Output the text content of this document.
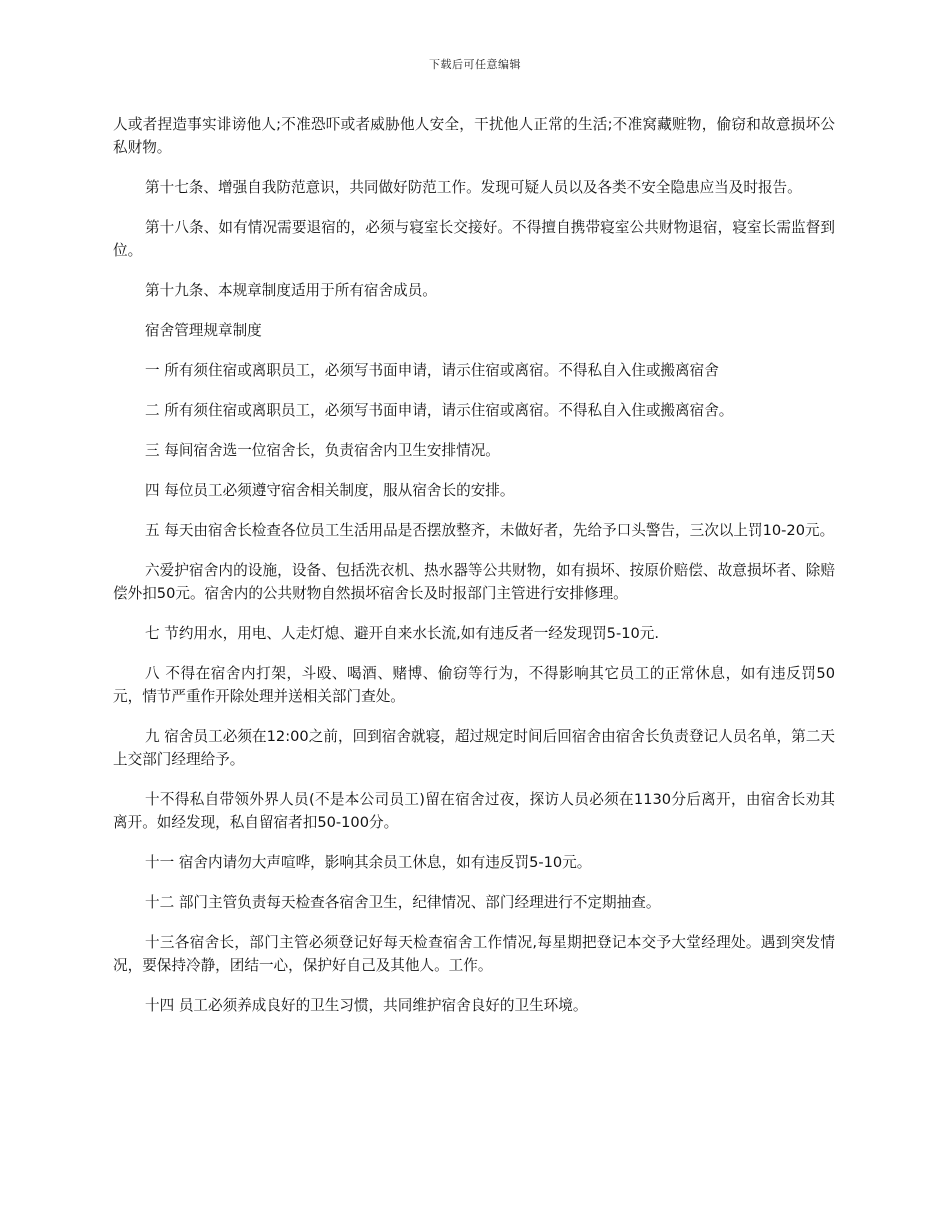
下载后可任意编辑

人或者捏造事实诽谤他人;不准恐吓或者威胁他人安全，干扰他人正常的生活;不准窝藏赃物，偷窃和故意损坏公私财物。

第十七条、增强自我防范意识，共同做好防范工作。发现可疑人员以及各类不安全隐患应当及时报告。

第十八条、如有情况需要退宿的，必须与寝室长交接好。不得擅自携带寝室公共财物退宿，寝室长需监督到位。

第十九条、本规章制度适用于所有宿舍成员。

宿舍管理规章制度

一 所有须住宿或离职员工，必须写书面申请，请示住宿或离宿。不得私自入住或搬离宿舍

二 所有须住宿或离职员工，必须写书面申请，请示住宿或离宿。不得私自入住或搬离宿舍。

三 每间宿舍选一位宿舍长，负责宿舍内卫生安排情况。

四 每位员工必须遵守宿舍相关制度，服从宿舍长的安排。

五 每天由宿舍长检查各位员工生活用品是否摆放整齐，未做好者，先给予口头警告，三次以上罚10-20元。

六爱护宿舍内的设施，设备、包括洗衣机、热水器等公共财物，如有损坏、按原价赔偿、故意损坏者、除赔偿外扣50元。宿舍内的公共财物自然损坏宿舍长及时报部门主管进行安排修理。

七 节约用水，用电、人走灯熄、避开自来水长流,如有违反者一经发现罚5-10元.

八 不得在宿舍内打架，斗殴、喝酒、赌博、偷窃等行为，不得影响其它员工的正常休息，如有违反罚50元，情节严重作开除处理并送相关部门查处。

九 宿舍员工必须在12:00之前，回到宿舍就寝，超过规定时间后回宿舍由宿舍长负责登记人员名单，第二天上交部门经理给予。

十不得私自带领外界人员(不是本公司员工)留在宿舍过夜，探访人员必须在1130分后离开，由宿舍长劝其离开。如经发现，私自留宿者扣50-100分。

十一 宿舍内请勿大声喧哗，影响其余员工休息，如有违反罚5-10元。

十二 部门主管负责每天检查各宿舍卫生，纪律情况、部门经理进行不定期抽查。

十三各宿舍长，部门主管必须登记好每天检查宿舍工作情况,每星期把登记本交予大堂经理处。遇到突发情况，要保持冷静，团结一心，保护好自己及其他人。工作。

十四 员工必须养成良好的卫生习惯，共同维护宿舍良好的卫生环境。
